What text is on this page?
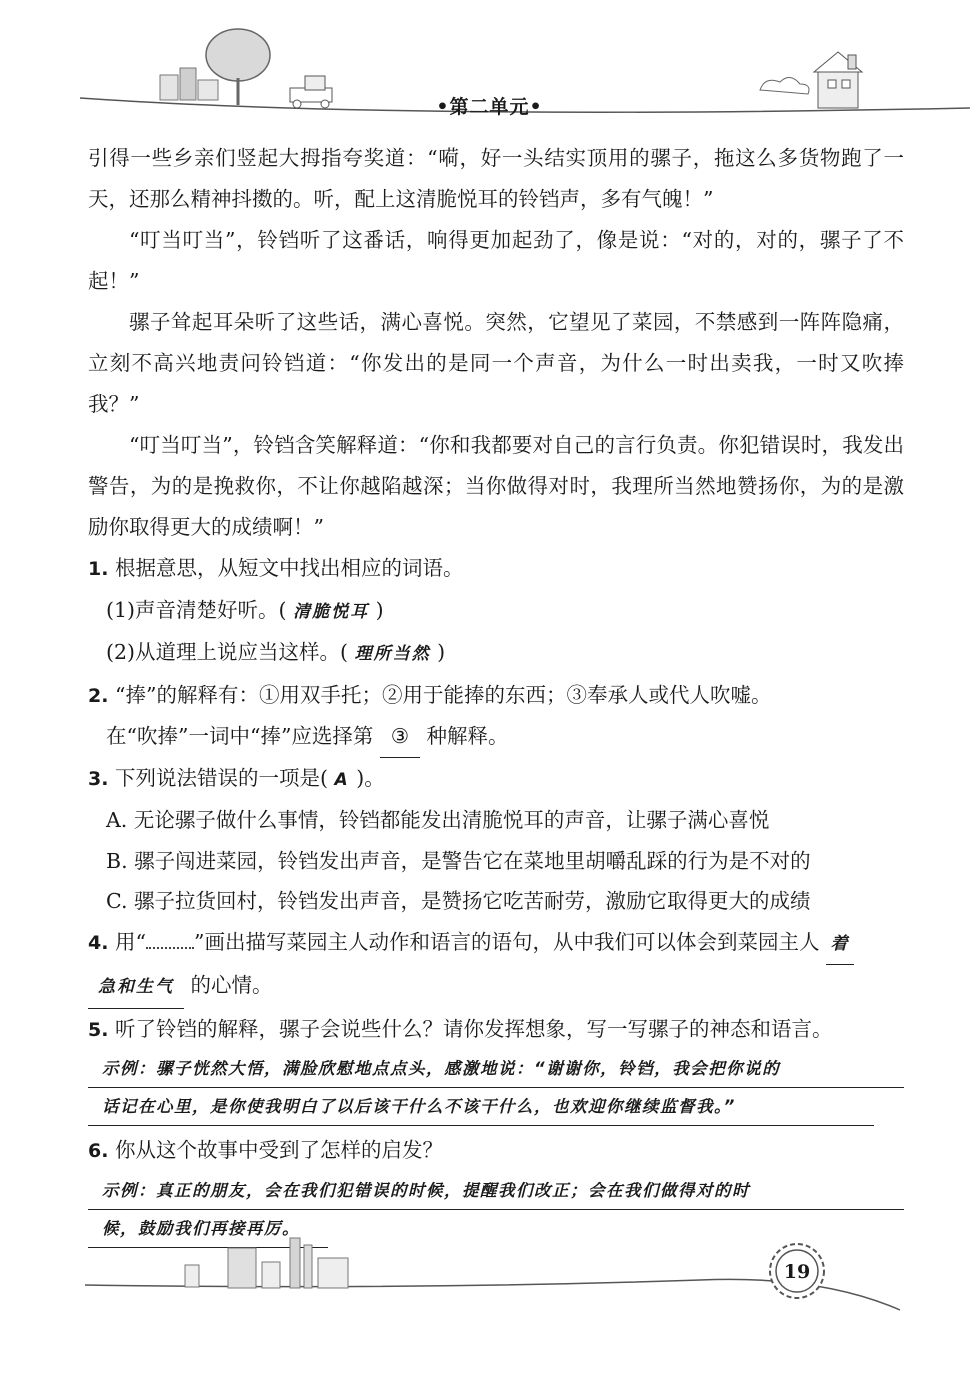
•第二单元•

引得一些乡亲们竖起大拇指夸奖道：“嗬，好一头结实顶用的骡子，拖这么多货物跑了一天，还那么精神抖擞的。听，配上这清脆悦耳的铃铛声，多有气魄！”

“叮当叮当”，铃铛听了这番话，响得更加起劲了，像是说：“对的，对的，骡子了不起！”

骡子耸起耳朵听了这些话，满心喜悦。突然，它望见了菜园，不禁感到一阵阵隐痛，立刻不高兴地责问铃铛道：“你发出的是同一个声音，为什么一时出卖我，一时又吹捧我？”

“叮当叮当”，铃铛含笑解释道：“你和我都要对自己的言行负责。你犯错误时，我发出警告，为的是挽救你，不让你越陷越深；当你做得对时，我理所当然地赞扬你，为的是激励你取得更大的成绩啊！”

1. 根据意思，从短文中找出相应的词语。

(1)声音清楚好听。( 清脆悦耳 )

(2)从道理上说应当这样。( 理所当然 )

2. “捧”的解释有：①用双手托；②用于能捧的东西；③奉承人或代人吹嘘。

在“吹捧”一词中“捧”应选择第 ③ 种解释。

3. 下列说法错误的一项是( A )。

A. 无论骡子做什么事情，铃铛都能发出清脆悦耳的声音，让骡子满心喜悦

B. 骡子闯进菜园，铃铛发出声音，是警告它在菜地里胡嚼乱踩的行为是不对的

C. 骡子拉货回村，铃铛发出声音，是赞扬它吃苦耐劳，激励它取得更大的成绩

4. 用“ ”画出描写菜园主人动作和语言的语句，从中我们可以体会到菜园主人 着

急和生气 的心情。

5. 听了铃铛的解释，骡子会说些什么？请你发挥想象，写一写骡子的神态和语言。

示例：骡子恍然大悟，满脸欣慰地点点头，感激地说：“谢谢你，铃铛，我会把你说的
话记在心里，是你使我明白了以后该干什么不该干什么，也欢迎你继续监督我。”

6. 你从这个故事中受到了怎样的启发？

示例：真正的朋友，会在我们犯错误的时候，提醒我们改正；会在我们做得对的时
候，鼓励我们再接再厉。
19
